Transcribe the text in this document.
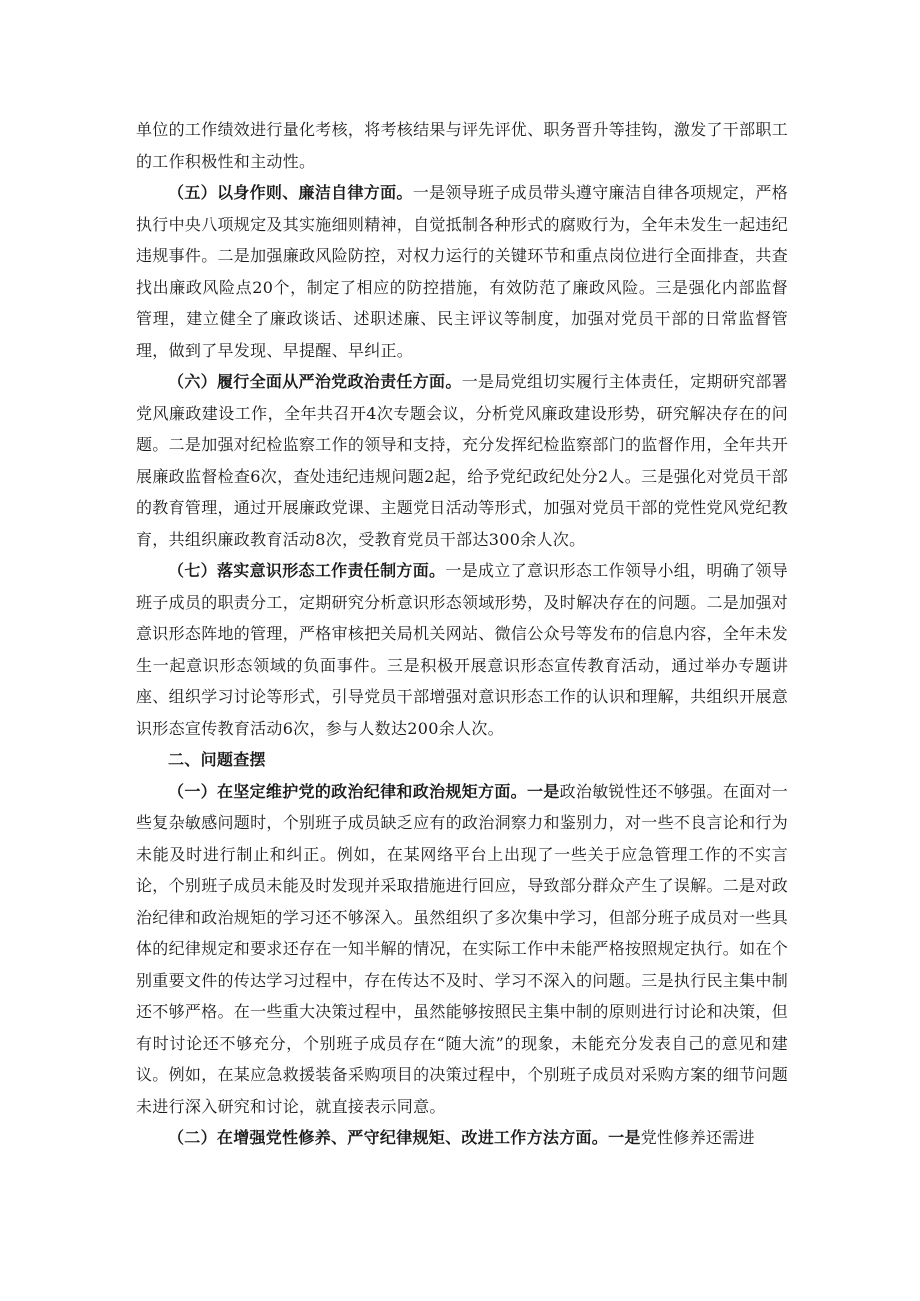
单位的工作绩效进行量化考核，将考核结果与评先评优、职务晋升等挂钩，激发了干部职工的工作积极性和主动性。

（五）以身作则、廉洁自律方面。一是领导班子成员带头遵守廉洁自律各项规定，严格执行中央八项规定及其实施细则精神，自觉抵制各种形式的腐败行为，全年未发生一起违纪违规事件。二是加强廉政风险防控，对权力运行的关键环节和重点岗位进行全面排查，共查找出廉政风险点20个，制定了相应的防控措施，有效防范了廉政风险。三是强化内部监督管理，建立健全了廉政谈话、述职述廉、民主评议等制度，加强对党员干部的日常监督管理，做到了早发现、早提醒、早纠正。

（六）履行全面从严治党政治责任方面。一是局党组切实履行主体责任，定期研究部署党风廉政建设工作，全年共召开4次专题会议，分析党风廉政建设形势，研究解决存在的问题。二是加强对纪检监察工作的领导和支持，充分发挥纪检监察部门的监督作用，全年共开展廉政监督检查6次，查处违纪违规问题2起，给予党纪政纪处分2人。三是强化对党员干部的教育管理，通过开展廉政党课、主题党日活动等形式，加强对党员干部的党性党风党纪教育，共组织廉政教育活动8次，受教育党员干部达300余人次。

（七）落实意识形态工作责任制方面。一是成立了意识形态工作领导小组，明确了领导班子成员的职责分工，定期研究分析意识形态领域形势，及时解决存在的问题。二是加强对意识形态阵地的管理，严格审核把关局机关网站、微信公众号等发布的信息内容，全年未发生一起意识形态领域的负面事件。三是积极开展意识形态宣传教育活动，通过举办专题讲座、组织学习讨论等形式，引导党员干部增强对意识形态工作的认识和理解，共组织开展意识形态宣传教育活动6次，参与人数达200余人次。

二、问题查摆

（一）在坚定维护党的政治纪律和政治规矩方面。一是政治敏锐性还不够强。在面对一些复杂敏感问题时，个别班子成员缺乏应有的政治洞察力和鉴别力，对一些不良言论和行为未能及时进行制止和纠正。例如，在某网络平台上出现了一些关于应急管理工作的不实言论，个别班子成员未能及时发现并采取措施进行回应，导致部分群众产生了误解。二是对政治纪律和政治规矩的学习还不够深入。虽然组织了多次集中学习，但部分班子成员对一些具体的纪律规定和要求还存在一知半解的情况，在实际工作中未能严格按照规定执行。如在个别重要文件的传达学习过程中，存在传达不及时、学习不深入的问题。三是执行民主集中制还不够严格。在一些重大决策过程中，虽然能够按照民主集中制的原则进行讨论和决策，但有时讨论还不够充分，个别班子成员存在“随大流”的现象，未能充分发表自己的意见和建议。例如，在某应急救援装备采购项目的决策过程中，个别班子成员对采购方案的细节问题未进行深入研究和讨论，就直接表示同意。

（二）在增强党性修养、严守纪律规矩、改进工作方法方面。一是党性修养还需进
